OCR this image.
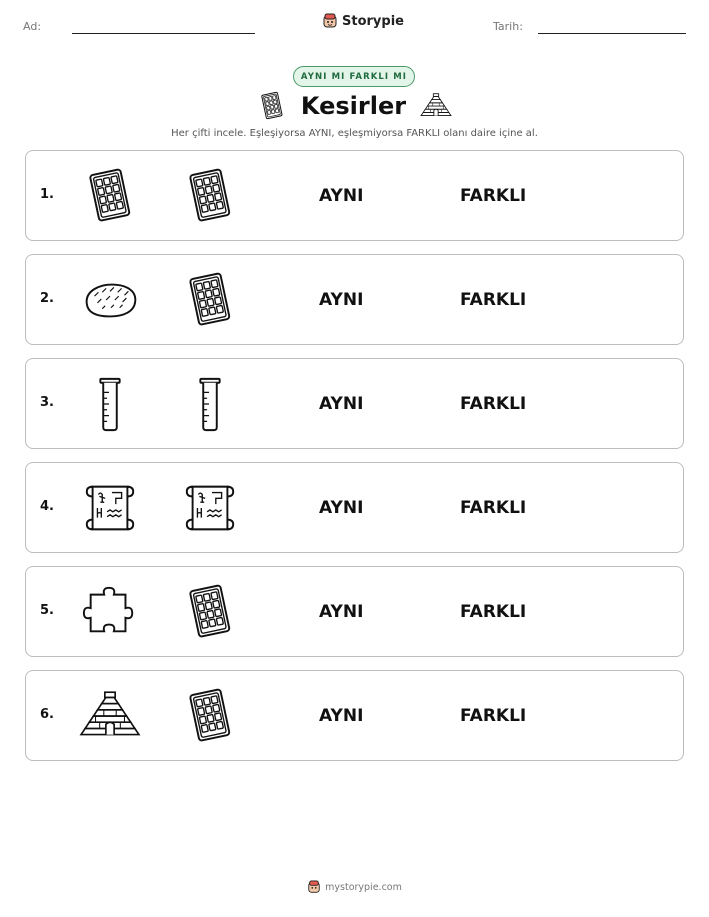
Ad:	Storypie	Tarih:
AYNI MI FARKLI MI
Kesirler
Her çifti incele. Eşleşiyorsa AYNI, eşleşmiyorsa FARKLI olanı daire içine al.
1.	AYNI	FARKLI
2.	AYNI	FARKLI
3.	AYNI	FARKLI
4.	AYNI	FARKLI
5.	AYNI	FARKLI
6.	AYNI	FARKLI
mystorypie.com
